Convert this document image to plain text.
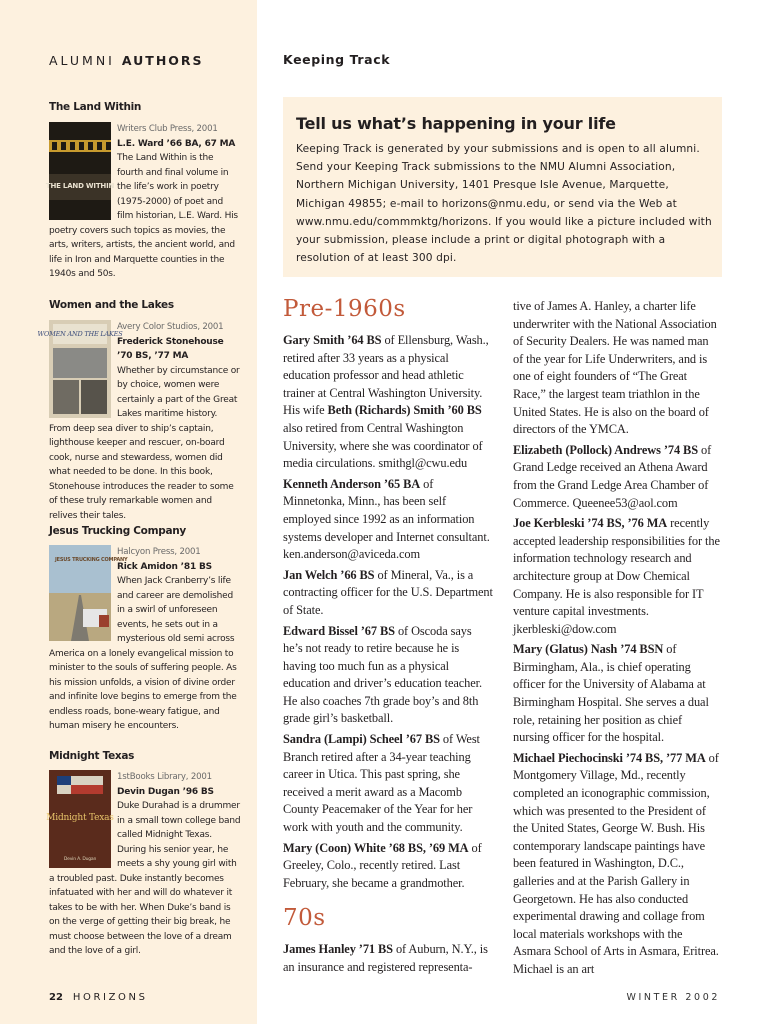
ALUMNI AUTHORS	Keeping Track
The Land Within
THE LAND WITHIN
Writers Club Press, 2001
L.E. Ward ’66 BA, 67 MA
The Land Within is the fourth and final volume in the life’s work in poetry (1975-2000) of poet and film historian, L.E. Ward. His poetry covers such topics as movies, the arts, writers, artists, the ancient world, and life in Iron and Marquette counties in the 1940s and 50s.
Women and the Lakes
WOMEN AND THE LAKES
Avery Color Studios, 2001
Frederick Stonehouse ’70 BS, ’77 MA
Whether by circumstance or by choice, women were certainly a part of the Great Lakes maritime history. From deep sea diver to ship’s captain, lighthouse keeper and rescuer, on-board cook, nurse and stewardess, women did what needed to be done. In this book, Stonehouse introduces the reader to some of these truly remarkable women and relives their tales.
Jesus Trucking Company
JESUS TRUCKING COMPANY
Halcyon Press, 2001
Rick Amidon ’81 BS
When Jack Cranberry’s life and career are demolished in a swirl of unforeseen events, he sets out in a mysterious old semi across America on a lonely evangelical mission to minister to the souls of suffering people. As his mission unfolds, a vision of divine order and infinite love begins to emerge from the endless roads, bone-weary fatigue, and human misery he encounters.
Midnight Texas
Midnight Texas
Devin A. Dugan
1stBooks Library, 2001
Devin Dugan ’96 BS
Duke Durahad is a drummer in a small town college band called Midnight Texas. During his senior year, he meets a shy young girl with a troubled past. Duke instantly becomes infatuated with her and will do whatever it takes to be with her. When Duke’s band is on the verge of getting their big break, he must choose between the love of a dream and the love of a girl.
Tell us what’s happening in your life
Keeping Track is generated by your submissions and is open to all alumni. Send your Keeping Track submissions to the NMU Alumni Association, Northern Michigan University, 1401 Presque Isle Avenue, Marquette, Michigan 49855; e-mail to horizons@nmu.edu, or send via the Web at www.nmu.edu/commmktg/horizons. If you would like a picture included with your submission, please include a print or digital photograph with a resolution of at least 300 dpi.
Pre-1960s

Gary Smith ’64 BS of Ellensburg, Wash., retired after 33 years as a physical education professor and head athletic trainer at Central Washington University. His wife Beth (Richards) Smith ’60 BS also retired from Central Washington University, where she was coordinator of media circulations. smithgl@cwu.edu

Kenneth Anderson ’65 BA of Minnetonka, Minn., has been self employed since 1992 as an information systems developer and Internet consultant. ken.anderson@aviceda.com

Jan Welch ’66 BS of Mineral, Va., is a contracting officer for the U.S. Department of State.

Edward Bissel ’67 BS of Oscoda says he’s not ready to retire because he is having too much fun as a physical education and driver’s education teacher. He also coaches 7th grade boy’s and 8th grade girl’s basketball.

Sandra (Lampi) Scheel ’67 BS of West Branch retired after a 34-year teaching career in Utica. This past spring, she received a merit award as a Macomb County Peacemaker of the Year for her work with youth and the community.

Mary (Coon) White ’68 BS, ’69 MA of Greeley, Colo., recently retired. Last February, she became a grandmother.

70s

James Hanley ’71 BS of Auburn, N.Y., is an insurance and registered representa-

tive of James A. Hanley, a charter life underwriter with the National Association of Security Dealers. He was named man of the year for Life Underwriters, and is one of eight founders of “The Great Race,” the largest team triathlon in the United States. He is also on the board of directors of the YMCA.

Elizabeth (Pollock) Andrews ’74 BS of Grand Ledge received an Athena Award from the Grand Ledge Area Chamber of Commerce. Queenee53@aol.com

Joe Kerbleski ’74 BS, ’76 MA recently accepted leadership responsibilities for the information technology research and architecture group at Dow Chemical Company. He is also responsible for IT venture capital investments. jkerbleski@dow.com

Mary (Glatus) Nash ’74 BSN of Birmingham, Ala., is chief operating officer for the University of Alabama at Birmingham Hospital. She serves a dual role, retaining her position as chief nursing officer for the hospital.

Michael Piechocinski ’74 BS, ’77 MA of Montgomery Village, Md., recently completed an iconographic commission, which was presented to the President of the United States, George W. Bush. His contemporary landscape paintings have been featured in Washington, D.C., galleries and at the Parish Gallery in Georgetown. He has also conducted experimental drawing and collage from local materials workshops with the Asmara School of Arts in Asmara, Eritrea. Michael is an art

22 HORIZONS	WINTER 2002
